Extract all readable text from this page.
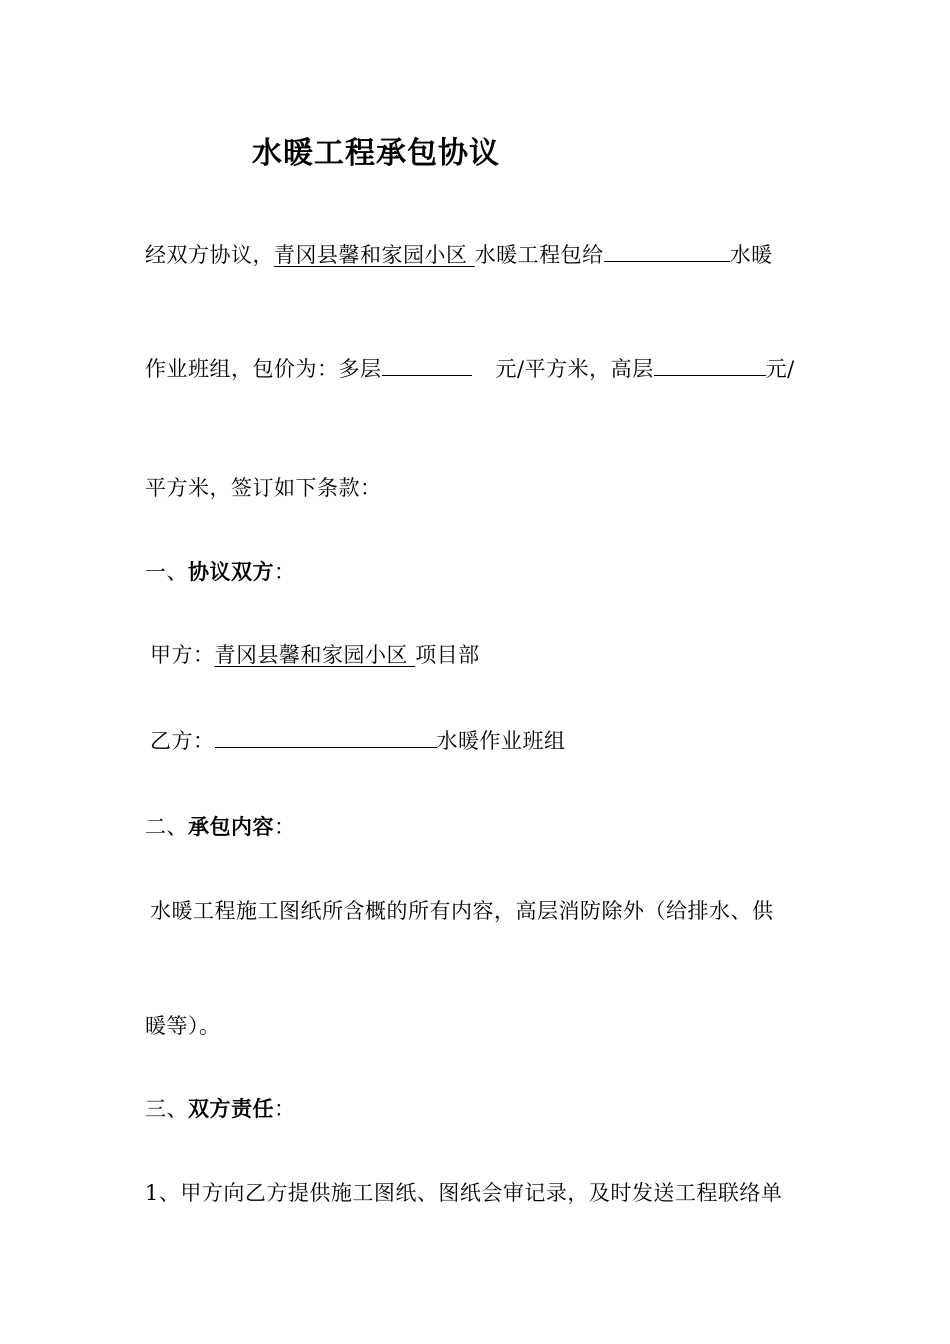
水暖工程承包协议
经双方协议，青冈县馨和家园小区 水暖工程包给	水暖
作业班组，包价为：多层	元/平方米，高层	元/
平方米，签订如下条款：
一、协议双方：
甲方：青冈县馨和家园小区 项目部
乙方：	水暖作业班组
二、承包内容：
水暖工程施工图纸所含概的所有内容，高层消防除外（给排水、供
暖等）。
三、双方责任：
1、甲方向乙方提供施工图纸、图纸会审记录，及时发送工程联络单
